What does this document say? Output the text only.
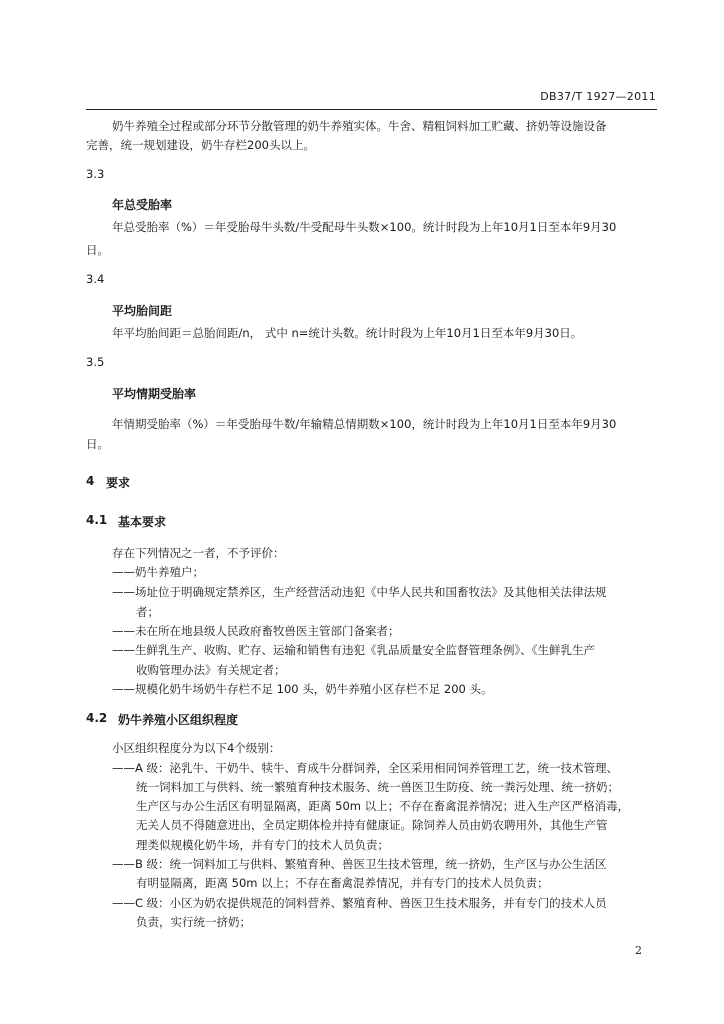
DB37/T 1927—2011
奶牛养殖全过程或部分环节分散管理的奶牛养殖实体。牛舍、精粗饲料加工贮藏、挤奶等设施设备
完善，统一规划建设，奶牛存栏200头以上。
3.3
年总受胎率
年总受胎率（%）＝年受胎母牛头数/牛受配母牛头数×100。统计时段为上年10月1日至本年9月30
日。
3.4
平均胎间距
年平均胎间距＝总胎间距/n， 式中 n=统计头数。统计时段为上年10月1日至本年9月30日。
3.5
平均情期受胎率
年情期受胎率（%）＝年受胎母牛数/年输精总情期数×100，统计时段为上年10月1日至本年9月30
日。
4 要求
4.1 基本要求
存在下列情况之一者，不予评价：
——奶牛养殖户；
——场址位于明确规定禁养区，生产经营活动违犯《中华人民共和国畜牧法》及其他相关法律法规
者；
——未在所在地县级人民政府畜牧兽医主管部门备案者；
——生鲜乳生产、收购、贮存、运输和销售有违犯《乳品质量安全监督管理条例》、《生鲜乳生产
收购管理办法》有关规定者；
——规模化奶牛场奶牛存栏不足 100 头，奶牛养殖小区存栏不足 200 头。
4.2 奶牛养殖小区组织程度
小区组织程度分为以下4个级别：
——A 级：泌乳牛、干奶牛、犊牛、育成牛分群饲养，全区采用相同饲养管理工艺，统一技术管理、
统一饲料加工与供料、统一繁殖育种技术服务、统一兽医卫生防疫、统一粪污处理、统一挤奶；
生产区与办公生活区有明显隔离，距离 50m 以上；不存在畜禽混养情况；进入生产区严格消毒，
无关人员不得随意进出，全员定期体检并持有健康证。除饲养人员由奶农聘用外，其他生产管
理类似规模化奶牛场，并有专门的技术人员负责；
——B 级：统一饲料加工与供料、繁殖育种、兽医卫生技术管理，统一挤奶，生产区与办公生活区
有明显隔离，距离 50m 以上；不存在畜禽混养情况，并有专门的技术人员负责；
——C 级：小区为奶农提供规范的饲料营养、繁殖育种、兽医卫生技术服务，并有专门的技术人员
负责，实行统一挤奶；
2
